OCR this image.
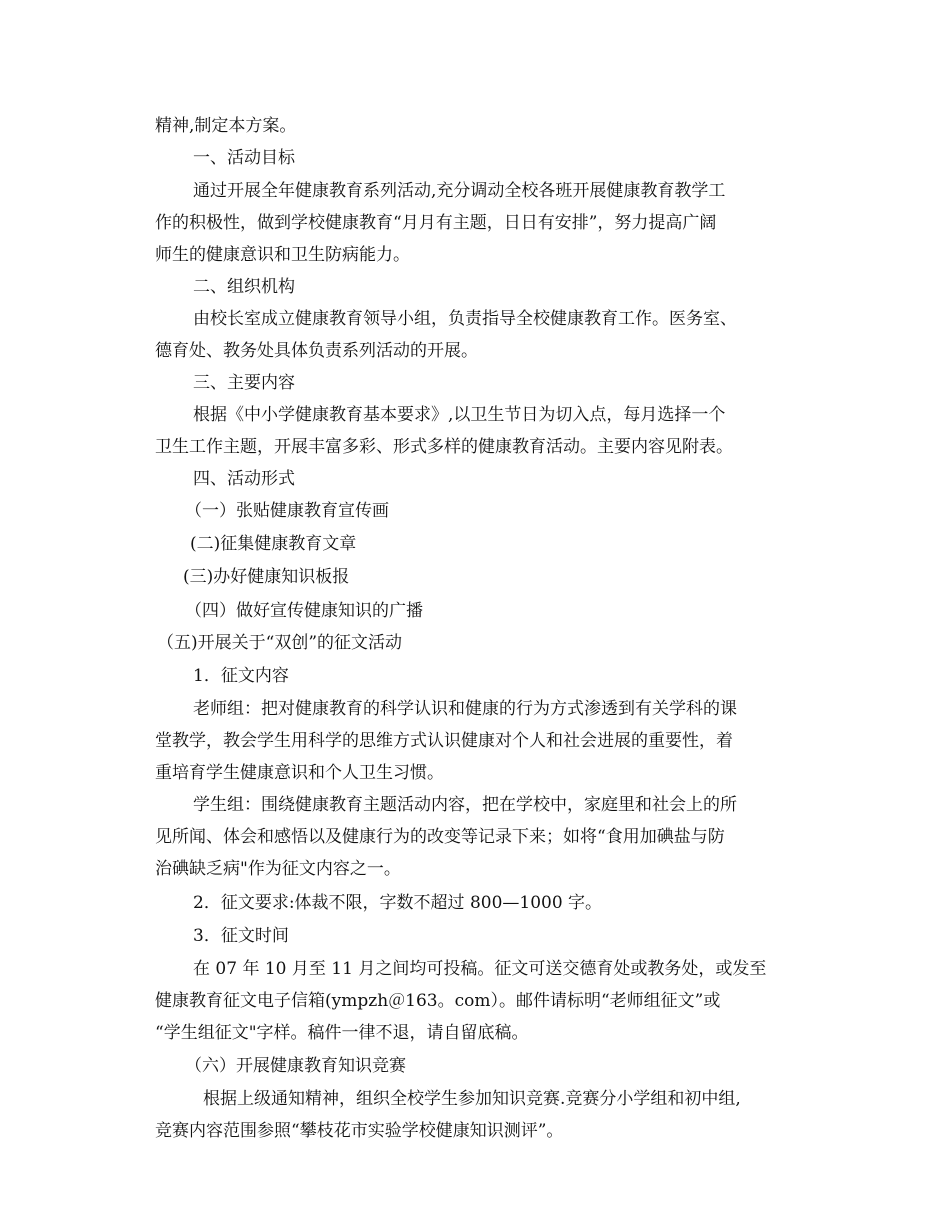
精神,制定本方案。
一、活动目标
通过开展全年健康教育系列活动,充分调动全校各班开展健康教育教学工
作的积极性，做到学校健康教育“月月有主题，日日有安排”，努力提高广阔
师生的健康意识和卫生防病能力。
二、组织机构
由校长室成立健康教育领导小组，负责指导全校健康教育工作。医务室、
德育处、教务处具体负责系列活动的开展。
三、主要内容
根据《中小学健康教育基本要求》,以卫生节日为切入点，每月选择一个
卫生工作主题，开展丰富多彩、形式多样的健康教育活动。主要内容见附表。
四、活动形式
（一）张贴健康教育宣传画
(二)征集健康教育文章
(三)办好健康知识板报
（四）做好宣传健康知识的广播
（五)开展关于“双创”的征文活动
1．征文内容
老师组：把对健康教育的科学认识和健康的行为方式渗透到有关学科的课
堂教学，教会学生用科学的思维方式认识健康对个人和社会进展的重要性，着
重培育学生健康意识和个人卫生习惯。
学生组：围绕健康教育主题活动内容，把在学校中，家庭里和社会上的所
见所闻、体会和感悟以及健康行为的改变等记录下来；如将“食用加碘盐与防
治碘缺乏病"作为征文内容之一。
2．征文要求:体裁不限，字数不超过 800—1000 字。
3．征文时间
在 07 年 10 月至 11 月之间均可投稿。征文可送交德育处或教务处，或发至
健康教育征文电子信箱(ympzh＠163。com）。邮件请标明“老师组征文”或
“学生组征文"字样。稿件一律不退，请自留底稿。
（六）开展健康教育知识竞赛
根据上级通知精神，组织全校学生参加知识竞赛.竞赛分小学组和初中组,
竞赛内容范围参照“攀枝花市实验学校健康知识测评”。
